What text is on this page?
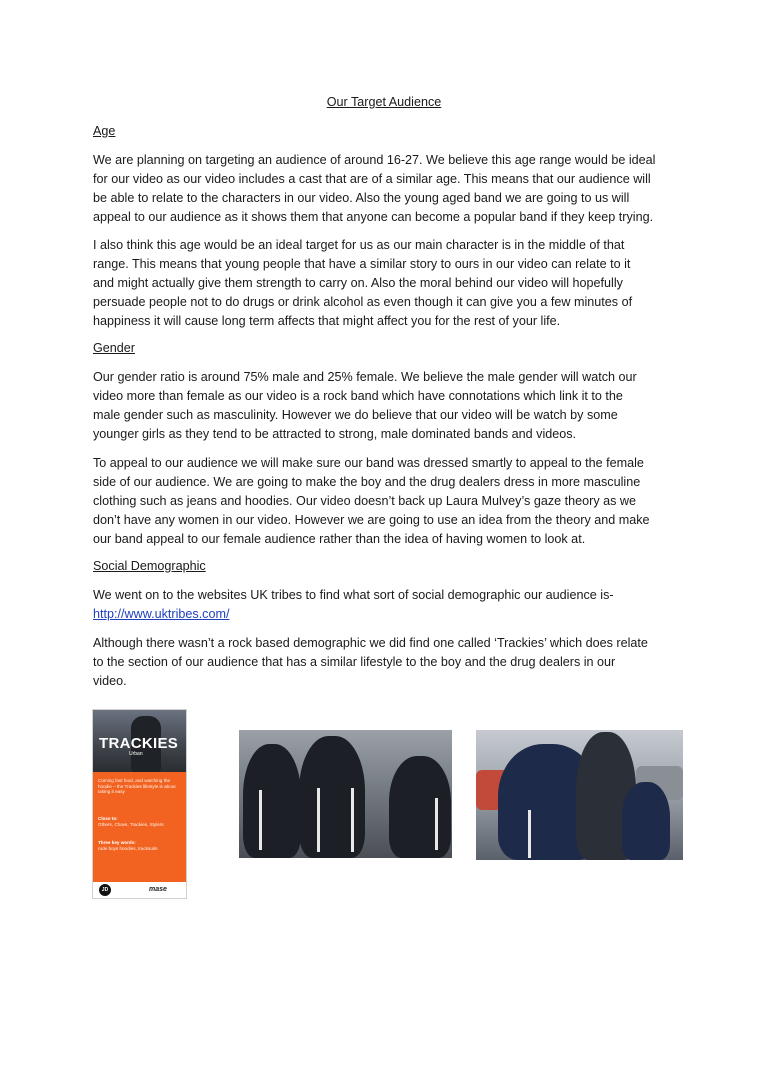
Our Target Audience
Age
We are planning on targeting an audience of around 16-27. We believe this age range would be ideal
for our video as our video includes a cast that are of a similar age. This means that our audience will
be able to relate to the characters in our video. Also the young aged band we are going to us will
appeal to our audience as it shows them that anyone can become a popular band if they keep trying.
I also think this age would be an ideal target for us as our main character is in the middle of that
range. This means that young people that have a similar story to ours in our video can relate to it
and might actually give them strength to carry on. Also the moral behind our video will hopefully
persuade people not to do drugs or drink alcohol as even though it can give you a few minutes of
happiness it will cause long term affects that might affect you for the rest of your life.
Gender
Our gender ratio is around 75% male and 25% female. We believe the male gender will watch our
video more than female as our video is a rock band which have connotations which link it to the
male gender such as masculinity. However we do believe that our video will be watch by some
younger girls as they tend to be attracted to strong, male dominated bands and videos.
To appeal to our audience we will make sure our band was dressed smartly to appeal to the female
side of our audience. We are going to make the boy and the drug dealers dress in more masculine
clothing such as jeans and hoodies. Our video doesn’t back up Laura Mulvey’s gaze theory as we
don’t have any women in our video. However we are going to use an idea from the theory and make
our band appeal to our female audience rather than the idea of having women to look at.
Social Demographic
We went on to the websites UK tribes to find what sort of social demographic our audience is-
http://www.uktribes.com/
Although there wasn’t a rock based demographic we did find one called ‘Trackies’ which does relate
to the section of our audience that has a similar lifestyle to the boy and the drug dealers in our
video.
TRACKIES
Urban
Coming fast food, and watching the hoodie – the Trackies lifestyle is about taking it easy
Close to:
Others, Chavs, Trackies, Stylers
Three key words:
rude boys hoodies, tracksuits
JD	mase
